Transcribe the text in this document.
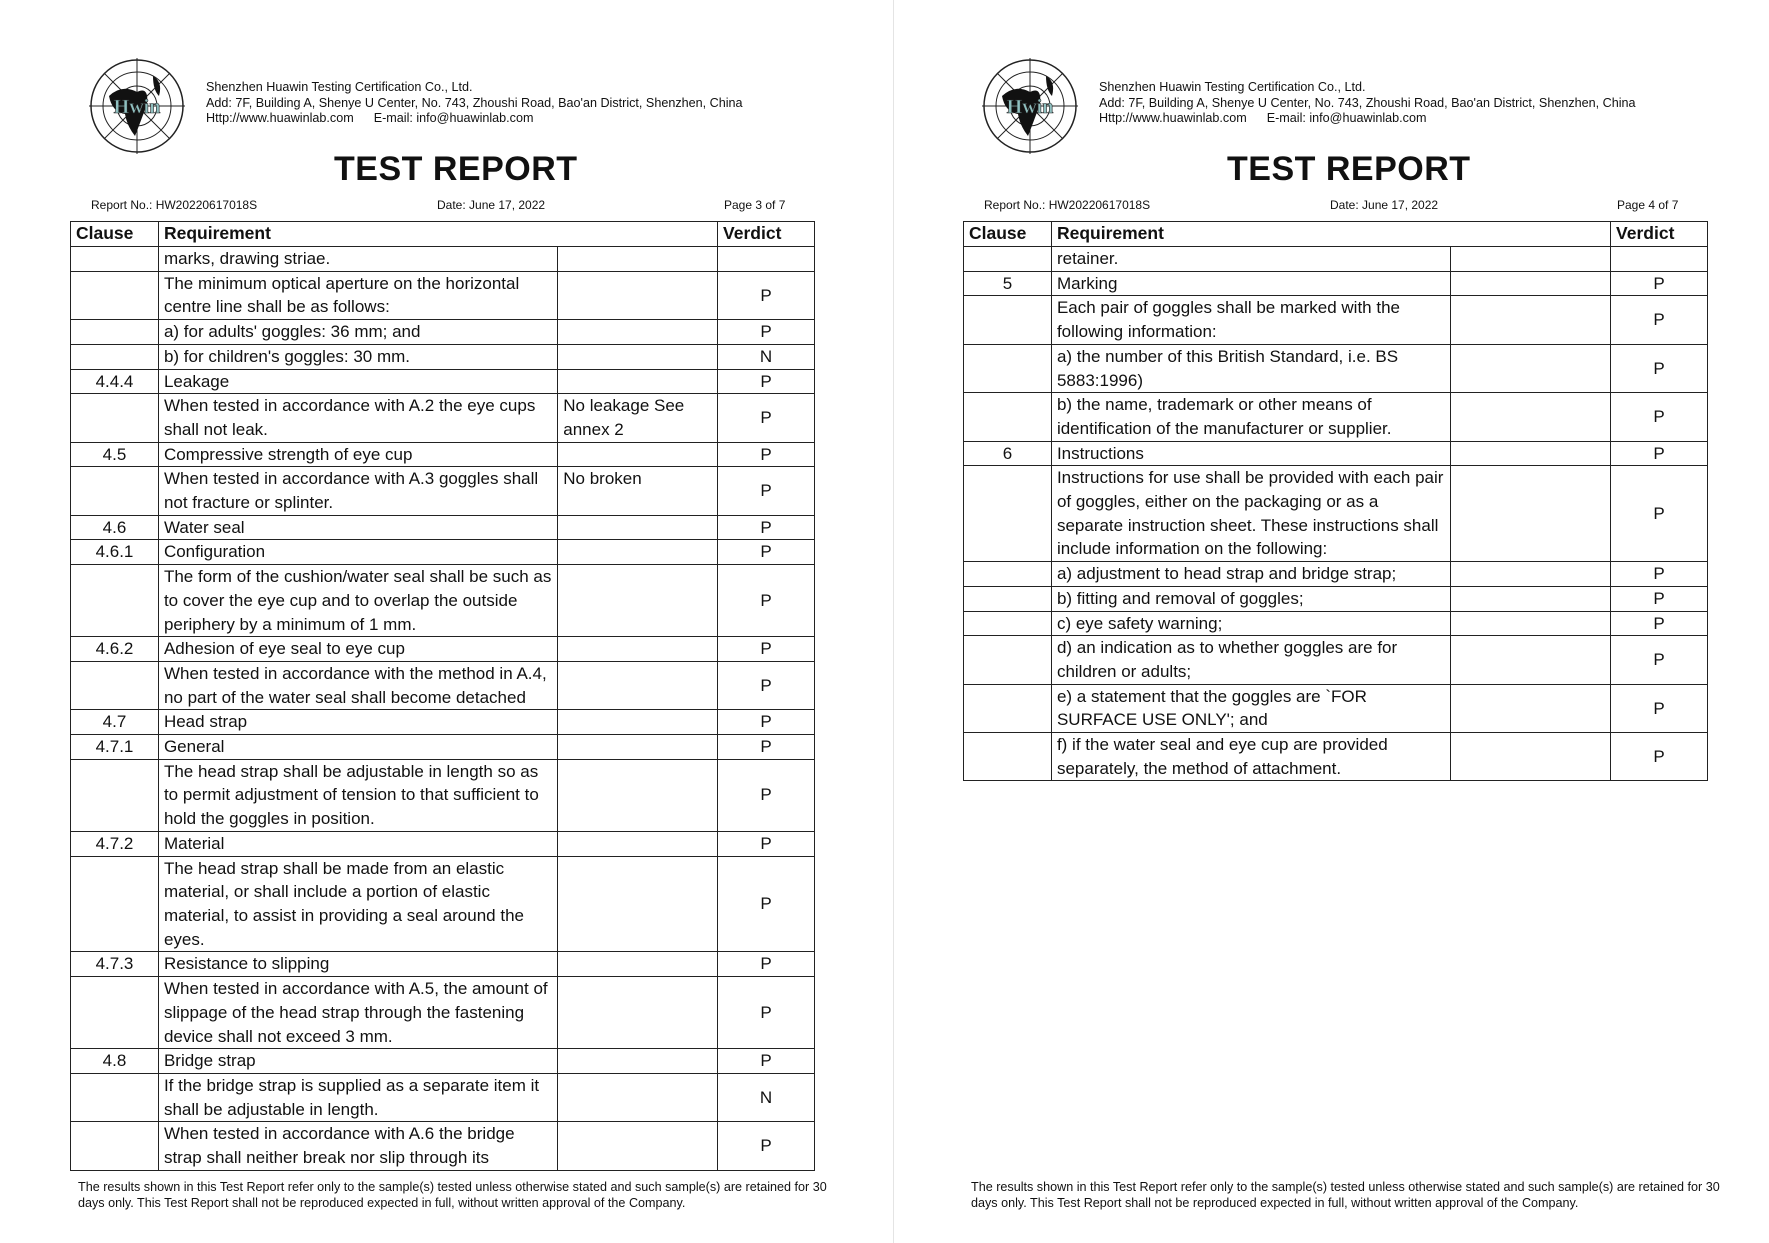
Hwin
Shenzhen Huawin Testing Certification Co., Ltd.
Add: 7F, Building A, Shenye U Center, No. 743, Zhoushi Road, Bao'an District, Shenzhen, China
Http://www.huawinlab.com E-mail: info@huawinlab.com
TEST REPORT
Report No.: HW20220617018S	Date: June 17, 2022	Page 3 of 7
Clause	Requirement		Verdict
	marks, drawing striae.		
	The minimum optical aperture on the horizontal centre line shall be as follows:		P
	a) for adults' goggles: 36 mm; and		P
	b) for children's goggles: 30 mm.		N
4.4.4	Leakage		P
	When tested in accordance with A.2 the eye cups shall not leak.	No leakage See annex 2	P
4.5	Compressive strength of eye cup		P
	When tested in accordance with A.3 goggles shall not fracture or splinter.	No broken	P
4.6	Water seal		P
4.6.1	Configuration		P
	The form of the cushion/water seal shall be such as to cover the eye cup and to overlap the outside periphery by a minimum of 1 mm.		P
4.6.2	Adhesion of eye seal to eye cup		P
	When tested in accordance with the method in A.4, no part of the water seal shall become detached		P
4.7	Head strap		P
4.7.1	General		P
	The head strap shall be adjustable in length so as to permit adjustment of tension to that sufficient to hold the goggles in position.		P
4.7.2	Material		P
	The head strap shall be made from an elastic material, or shall include a portion of elastic material, to assist in providing a seal around the eyes.		P
4.7.3	Resistance to slipping		P
	When tested in accordance with A.5, the amount of slippage of the head strap through the fastening device shall not exceed 3 mm.		P
4.8	Bridge strap		P
	If the bridge strap is supplied as a separate item it shall be adjustable in length.		N
	When tested in accordance with A.6 the bridge strap shall neither break nor slip through its		P
The results shown in this Test Report refer only to the sample(s) tested unless otherwise stated and such sample(s) are retained for 30 days only. This Test Report shall not be reproduced expected in full, without written approval of the Company.
Hwin
Shenzhen Huawin Testing Certification Co., Ltd.
Add: 7F, Building A, Shenye U Center, No. 743, Zhoushi Road, Bao'an District, Shenzhen, China
Http://www.huawinlab.com E-mail: info@huawinlab.com
TEST REPORT
Report No.: HW20220617018S	Date: June 17, 2022	Page 4 of 7
Clause	Requirement		Verdict
	retainer.		
5	Marking		P
	Each pair of goggles shall be marked with the following information:		P
	a) the number of this British Standard, i.e. BS 5883:1996)		P
	b) the name, trademark or other means of identification of the manufacturer or supplier.		P
6	Instructions		P
	Instructions for use shall be provided with each pair of goggles, either on the packaging or as a separate instruction sheet. These instructions shall include information on the following:		P
	a) adjustment to head strap and bridge strap;		P
	b) fitting and removal of goggles;		P
	c) eye safety warning;		P
	d) an indication as to whether goggles are for children or adults;		P
	e) a statement that the goggles are `FOR SURFACE USE ONLY'; and		P
	f) if the water seal and eye cup are provided separately, the method of attachment.		P
The results shown in this Test Report refer only to the sample(s) tested unless otherwise stated and such sample(s) are retained for 30 days only. This Test Report shall not be reproduced expected in full, without written approval of the Company.
